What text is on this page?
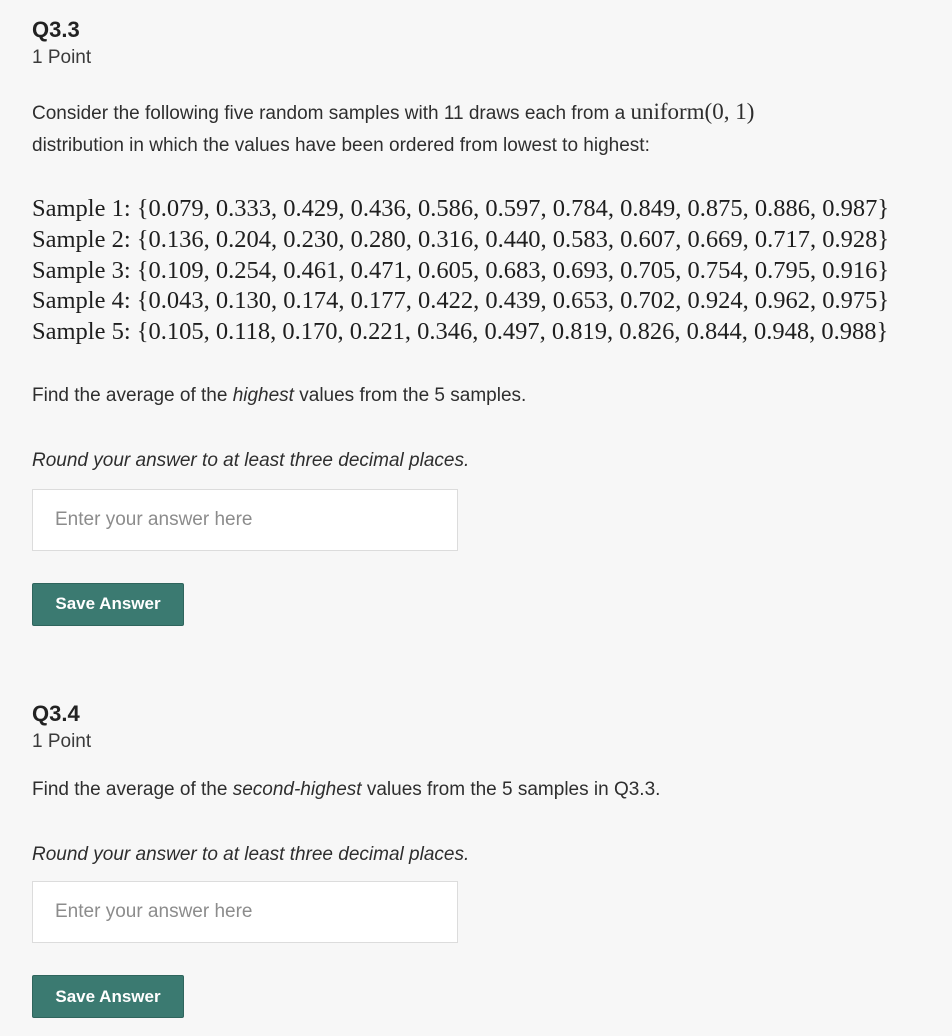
Q3.3
1 Point
Consider the following five random samples with 11 draws each from a uniform(0, 1)
distribution in which the values have been ordered from lowest to highest:
Sample 1: {0.079, 0.333, 0.429, 0.436, 0.586, 0.597, 0.784, 0.849, 0.875, 0.886, 0.987}
Sample 2: {0.136, 0.204, 0.230, 0.280, 0.316, 0.440, 0.583, 0.607, 0.669, 0.717, 0.928}
Sample 3: {0.109, 0.254, 0.461, 0.471, 0.605, 0.683, 0.693, 0.705, 0.754, 0.795, 0.916}
Sample 4: {0.043, 0.130, 0.174, 0.177, 0.422, 0.439, 0.653, 0.702, 0.924, 0.962, 0.975}
Sample 5: {0.105, 0.118, 0.170, 0.221, 0.346, 0.497, 0.819, 0.826, 0.844, 0.948, 0.988}
Find the average of the highest values from the 5 samples.
Round your answer to at least three decimal places.
Enter your answer here
Save Answer
Q3.4
1 Point
Find the average of the second-highest values from the 5 samples in Q3.3.
Round your answer to at least three decimal places.
Enter your answer here
Save Answer
